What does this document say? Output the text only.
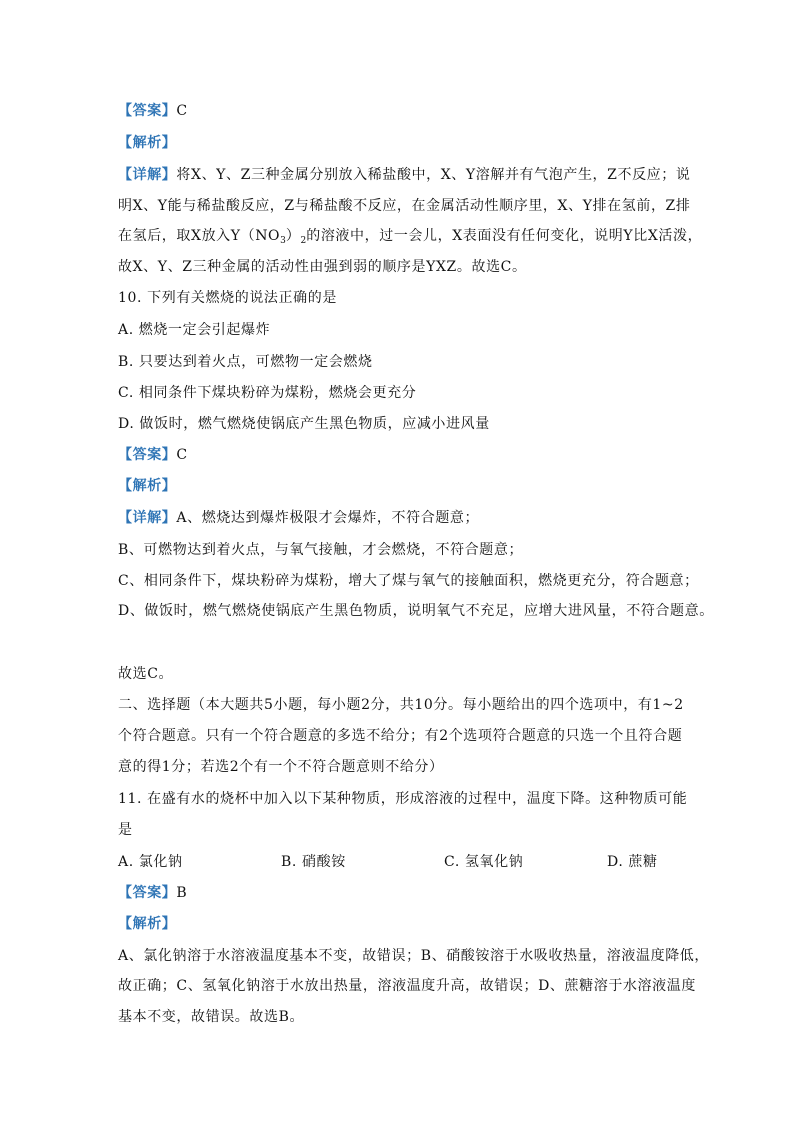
【答案】C
【解析】
【详解】将X、Y、Z三种金属分别放入稀盐酸中，X、Y溶解并有气泡产生，Z不反应；说
明X、Y能与稀盐酸反应，Z与稀盐酸不反应，在金属活动性顺序里，X、Y排在氢前，Z排
在氢后，取X放入$Y(NO_3)_2$的溶液中，过一会儿，X表面没有任何变化，说明Y比X活泼，
故X、Y、Z三种金属的活动性由强到弱的顺序是YXZ。故选C。
10. 下列有关燃烧的说法正确的是
A. 燃烧一定会引起爆炸
B. 只要达到着火点，可燃物一定会燃烧
C. 相同条件下煤块粉碎为煤粉，燃烧会更充分
D. 做饭时，燃气燃烧使锅底产生黑色物质，应减小进风量
【答案】C
【解析】
【详解】A、燃烧达到爆炸极限才会爆炸，不符合题意；
B、可燃物达到着火点，与氧气接触，才会燃烧，不符合题意；
C、相同条件下，煤块粉碎为煤粉，增大了煤与氧气的接触面积，燃烧更充分，符合题意；
D、做饭时，燃气燃烧使锅底产生黑色物质，说明氧气不充足，应增大进风量，不符合题意。
故选C。
二、选择题（本大题共5小题，每小题2分，共10分。每小题给出的四个选项中，有1~2
个符合题意。只有一个符合题意的多选不给分；有2个选项符合题意的只选一个且符合题
意的得1分；若选2个有一个不符合题意则不给分）
11. 在盛有水的烧杯中加入以下某种物质，形成溶液的过程中，温度下降。这种物质可能
是
A. 氯化钠	B. 硝酸铵	C. 氢氧化钠	D. 蔗糖
【答案】B
【解析】
A、氯化钠溶于水溶液温度基本不变，故错误；B、硝酸铵溶于水吸收热量，溶液温度降低，
故正确；C、氢氧化钠溶于水放出热量，溶液温度升高，故错误；D、蔗糖溶于水溶液温度
基本不变，故错误。故选B。
